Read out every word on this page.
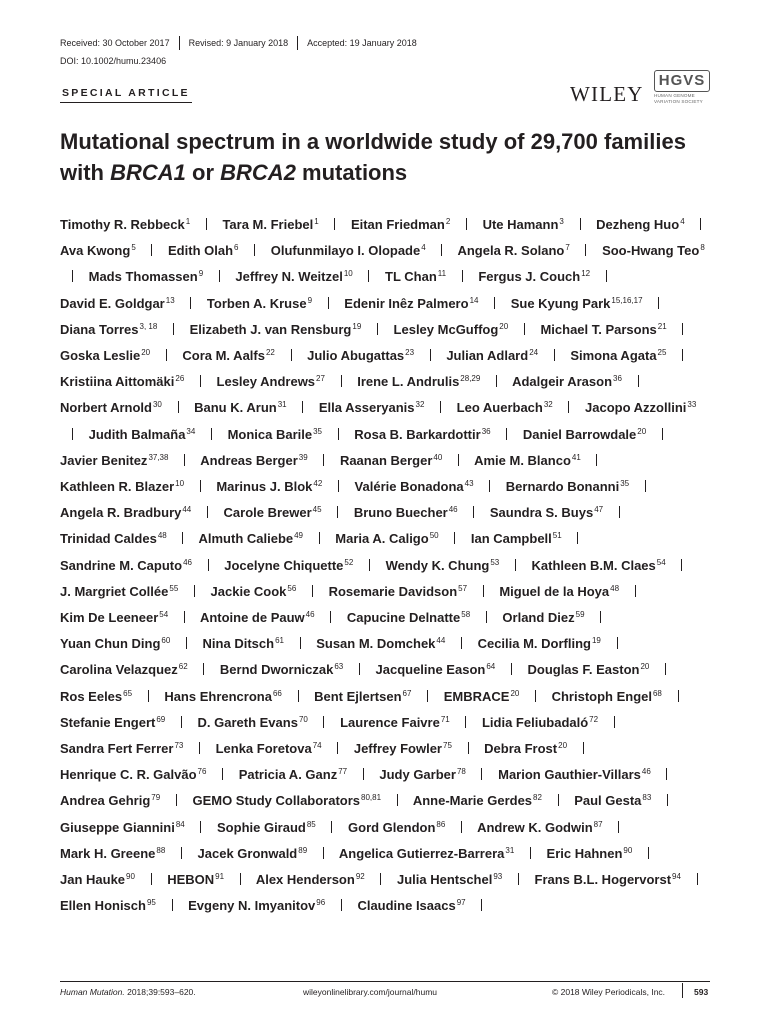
Received: 30 October 2017 Revised: 9 January 2018 Accepted: 19 January 2018
DOI: 10.1002/humu.23406
SPECIAL ARTICLE	WILEY
HGVS
HUMAN GENOME
VARIATION SOCIETY
Mutational spectrum in a worldwide study of 29,700 families
with BRCA1 or BRCA2 mutations
Timothy R. Rebbeck$^1$ Tara M. Friebel$^1$ Eitan Friedman$^2$ Ute Hamann$^3$ Dezheng Huo$^4$  Ava Kwong$^5$ Edith Olah$^6$ Olufunmilayo I. Olopade$^4$ Angela R. Solano$^7$ Soo-Hwang Teo$^8$  Mads Thomassen$^9$ Jeffrey N. Weitzel$^{10}$ TL Chan$^{11}$ Fergus J. Couch$^{12}$  David E. Goldgar$^{13}$ Torben A. Kruse$^9$ Edenir Inêz Palmero$^{14}$ Sue Kyung Park$^{15,16,17}$  Diana Torres$^{3, 18}$ Elizabeth J. van Rensburg$^{19}$ Lesley McGuffog$^{20}$ Michael T. Parsons$^{21}$  Goska Leslie$^{20}$ Cora M. Aalfs$^{22}$ Julio Abugattas$^{23}$ Julian Adlard$^{24}$ Simona Agata$^{25}$  Kristiina Aittomäki$^{26}$ Lesley Andrews$^{27}$ Irene L. Andrulis$^{28,29}$ Adalgeir Arason$^{36}$  Norbert Arnold$^{30}$ Banu K. Arun$^{31}$ Ella Asseryanis$^{32}$ Leo Auerbach$^{32}$ Jacopo Azzollini$^{33}$  Judith Balmaña$^{34}$ Monica Barile$^{35}$ Rosa B. Barkardottir$^{36}$ Daniel Barrowdale$^{20}$  Javier Benitez$^{37,38}$ Andreas Berger$^{39}$ Raanan Berger$^{40}$ Amie M. Blanco$^{41}$  Kathleen R. Blazer$^{10}$ Marinus J. Blok$^{42}$ Valérie Bonadona$^{43}$ Bernardo Bonanni$^{35}$  Angela R. Bradbury$^{44}$ Carole Brewer$^{45}$ Bruno Buecher$^{46}$ Saundra S. Buys$^{47}$  Trinidad Caldes$^{48}$ Almuth Caliebe$^{49}$ Maria A. Caligo$^{50}$ Ian Campbell$^{51}$  Sandrine M. Caputo$^{46}$ Jocelyne Chiquette$^{52}$ Wendy K. Chung$^{53}$ Kathleen B.M. Claes$^{54}$  J. Margriet Collée$^{55}$ Jackie Cook$^{56}$ Rosemarie Davidson$^{57}$ Miguel de la Hoya$^{48}$  Kim De Leeneer$^{54}$ Antoine de Pauw$^{46}$ Capucine Delnatte$^{58}$ Orland Diez$^{59}$  Yuan Chun Ding$^{60}$ Nina Ditsch$^{61}$ Susan M. Domchek$^{44}$ Cecilia M. Dorfling$^{19}$  Carolina Velazquez$^{62}$ Bernd Dworniczak$^{63}$ Jacqueline Eason$^{64}$ Douglas F. Easton$^{20}$  Ros Eeles$^{65}$ Hans Ehrencrona$^{66}$ Bent Ejlertsen$^{67}$ EMBRACE$^{20}$ Christoph Engel$^{68}$  Stefanie Engert$^{69}$ D. Gareth Evans$^{70}$ Laurence Faivre$^{71}$ Lidia Feliubadaló$^{72}$  Sandra Fert Ferrer$^{73}$ Lenka Foretova$^{74}$ Jeffrey Fowler$^{75}$ Debra Frost$^{20}$  Henrique C. R. Galvão$^{76}$ Patricia A. Ganz$^{77}$ Judy Garber$^{78}$ Marion Gauthier-Villars$^{46}$  Andrea Gehrig$^{79}$ GEMO Study Collaborators$^{80,81}$ Anne-Marie Gerdes$^{82}$ Paul Gesta$^{83}$  Giuseppe Giannini$^{84}$ Sophie Giraud$^{85}$ Gord Glendon$^{86}$ Andrew K. Godwin$^{87}$  Mark H. Greene$^{88}$ Jacek Gronwald$^{89}$ Angelica Gutierrez-Barrera$^{31}$ Eric Hahnen$^{90}$  Jan Hauke$^{90}$ HEBON$^{91}$ Alex Henderson$^{92}$ Julia Hentschel$^{93}$ Frans B.L. Hogervorst$^{94}$  Ellen Honisch$^{95}$ Evgeny N. Imyanitov$^{96}$ Claudine Isaacs$^{97}$
Human Mutation. 2018;39:593–620.	wileyonlinelibrary.com/journal/humu	© 2018 Wiley Periodicals, Inc.	593
